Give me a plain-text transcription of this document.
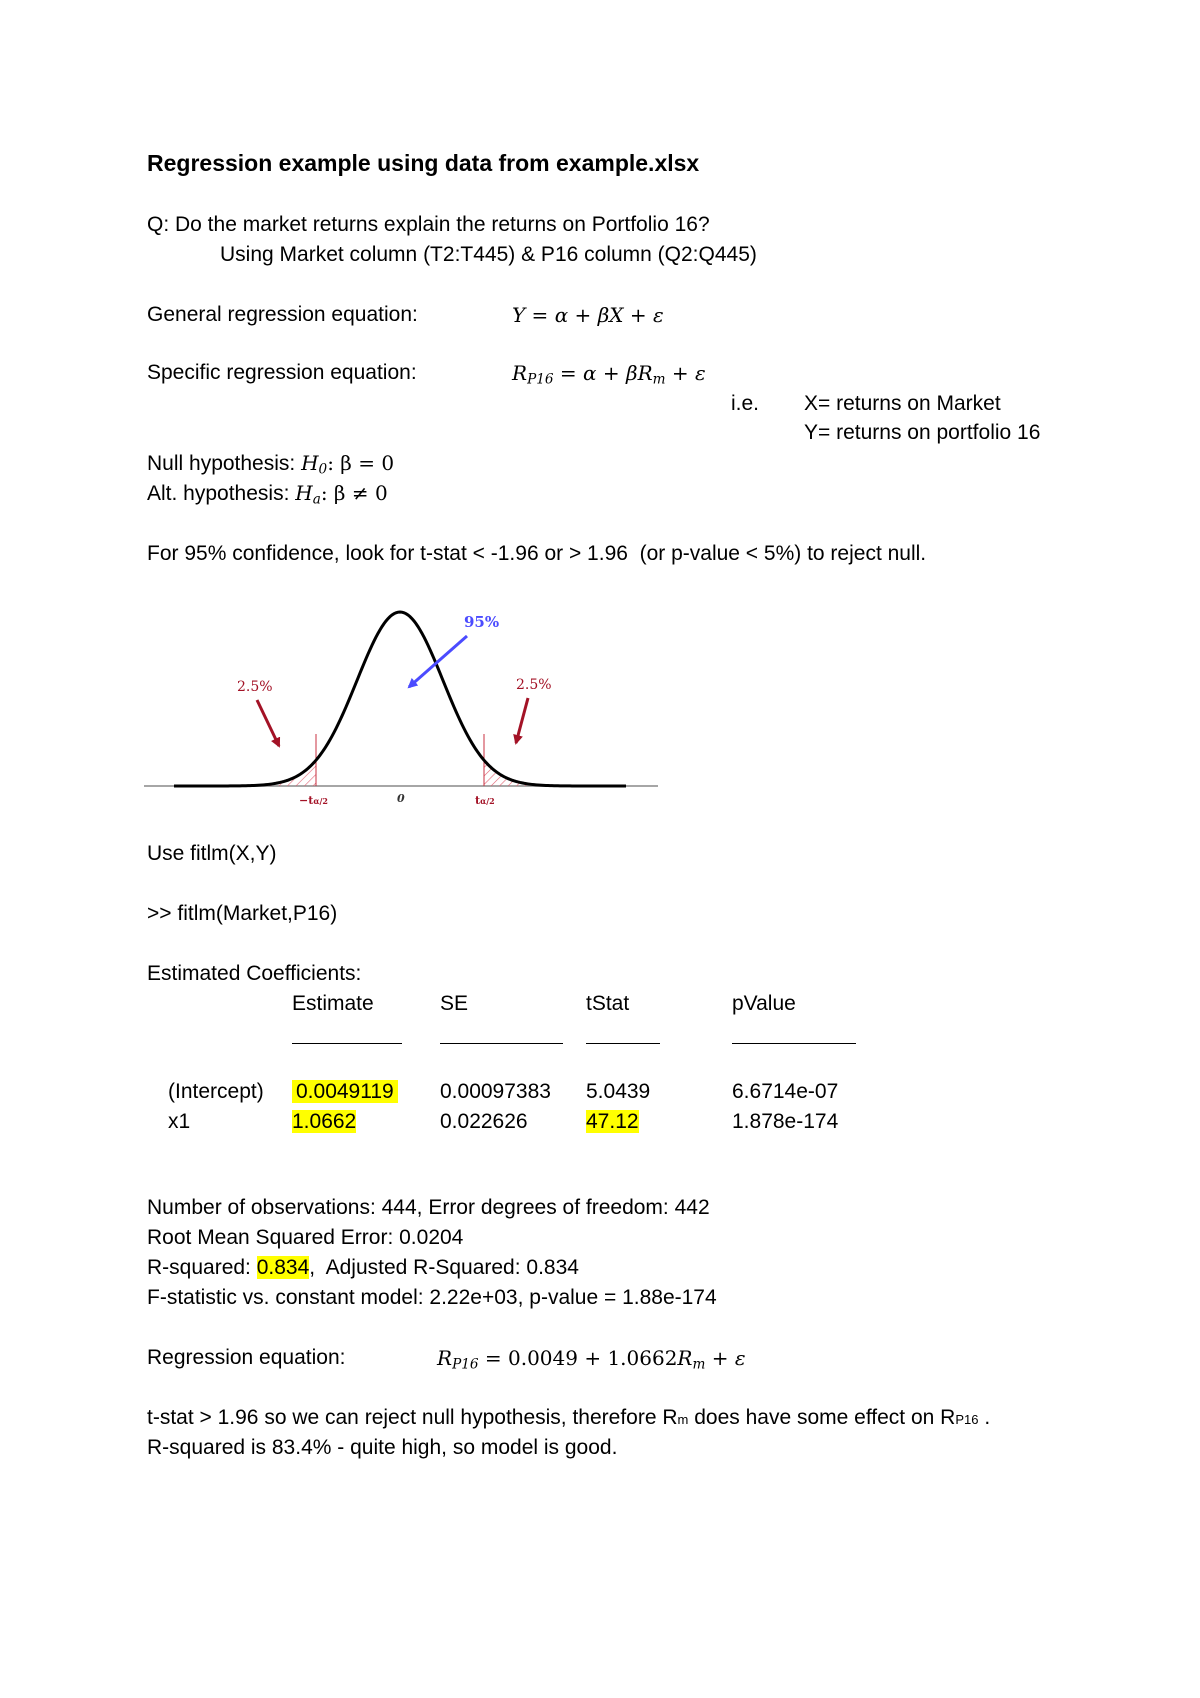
Regression example using data from example.xlsx
Q: Do the market returns explain the returns on Portfolio 16?
Using Market column (T2:T445) & P16 column (Q2:Q445)
General regression equation:	Y = α + βX + ε
Specific regression equation:	$R_{P16} = \alpha + \beta R_m + \varepsilon$
i.e. X= returns on Market
Y= returns on portfolio 16
Null hypothesis: $H_0$: β = 0
Alt. hypothesis: $H_a$: β ≠ 0
For 95% confidence, look for t-stat < -1.96 or > 1.96  (or p-value < 5%) to reject null.
95%
2.5%	2.5%
−tα/2	0	tα/2
Use fitlm(X,Y)
>> fitlm(Market,P16)
Estimated Coefficients:
Estimate	SE	tStat	pValue
(Intercept) 0.0049119 0.00097383 5.0439	6.6714e-07
x1	1.0662	0.022626	47.12	1.878e-174
Number of observations: 444, Error degrees of freedom: 442
Root Mean Squared Error: 0.0204
R-squared: 0.834,  Adjusted R-Squared: 0.834
F-statistic vs. constant model: 2.22e+03, p-value = 1.88e-174
Regression equation:	$R_{P16} = 0.0049 + 1.0662R_m + \varepsilon$
t-stat > 1.96 so we can reject null hypothesis, therefore Rm does have some effect on RP16 .
R-squared is 83.4% - quite high, so model is good.
